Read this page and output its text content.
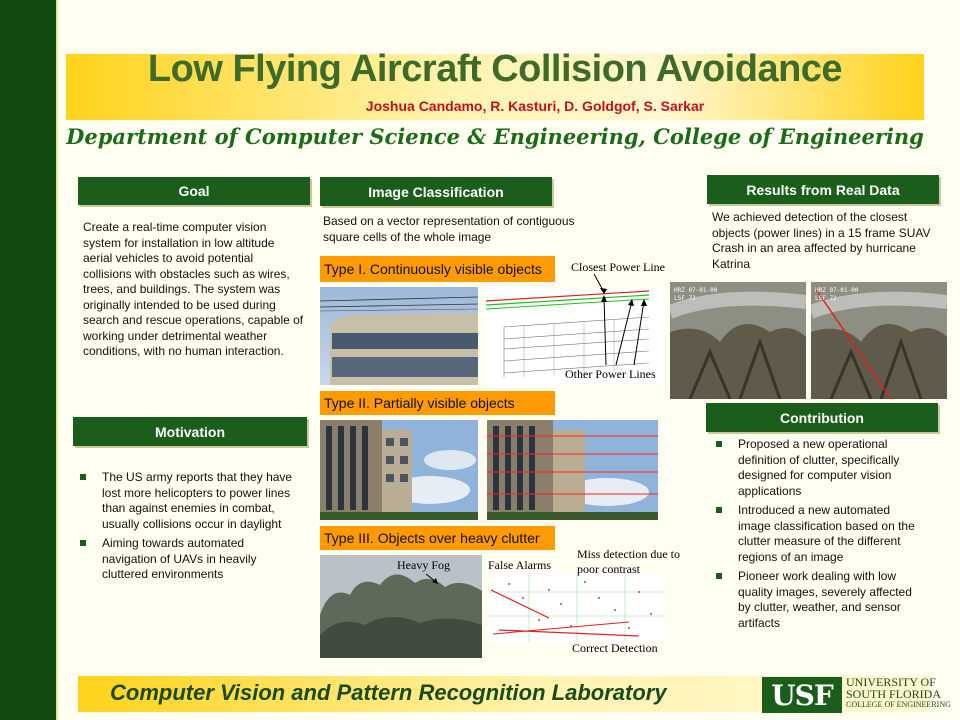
Low Flying Aircraft Collision Avoidance
Joshua Candamo, R. Kasturi, D. Goldgof, S. Sarkar
Department of Computer Science & Engineering, College of Engineering
Goal
Create a real-time computer vision system for installation in low altitude aerial vehicles to avoid potential collisions with obstacles such as wires, trees, and buildings. The system was originally intended to be used during search and rescue operations, capable of working under detrimental weather conditions, with no human interaction.
Motivation
The US army reports that they have lost more helicopters to power lines than against enemies in combat, usually collisions occur in daylight
Aiming towards automated navigation of UAVs in heavily cluttered environments
Image Classification
Based on a vector representation of contiguous square cells of the whole image
Type I. Continuously visible objects	Closest Power Line
Other Power Lines
Type II. Partially visible objects
Type III. Objects over heavy clutter
Heavy Fog	False Alarms
Miss detection due to poor contrast
Correct Detection
Results from Real Data
We achieved detection of the closest objects (power lines) in a 15 frame SUAV Crash in an area affected by hurricane Katrina
HRZ 07-01-00
LSF 72
HRZ 07-01-00
LSF 72
Contribution
Proposed a new operational definition of clutter, specifically designed for computer vision applications
Introduced a new automated image classification based on the clutter measure of the different regions of an image
Pioneer work dealing with low quality images, severely affected by clutter, weather, and sensor artifacts
Computer Vision and Pattern Recognition Laboratory	USF	UNIVERSITY OF
SOUTH FLORIDA
COLLEGE OF ENGINEERING
